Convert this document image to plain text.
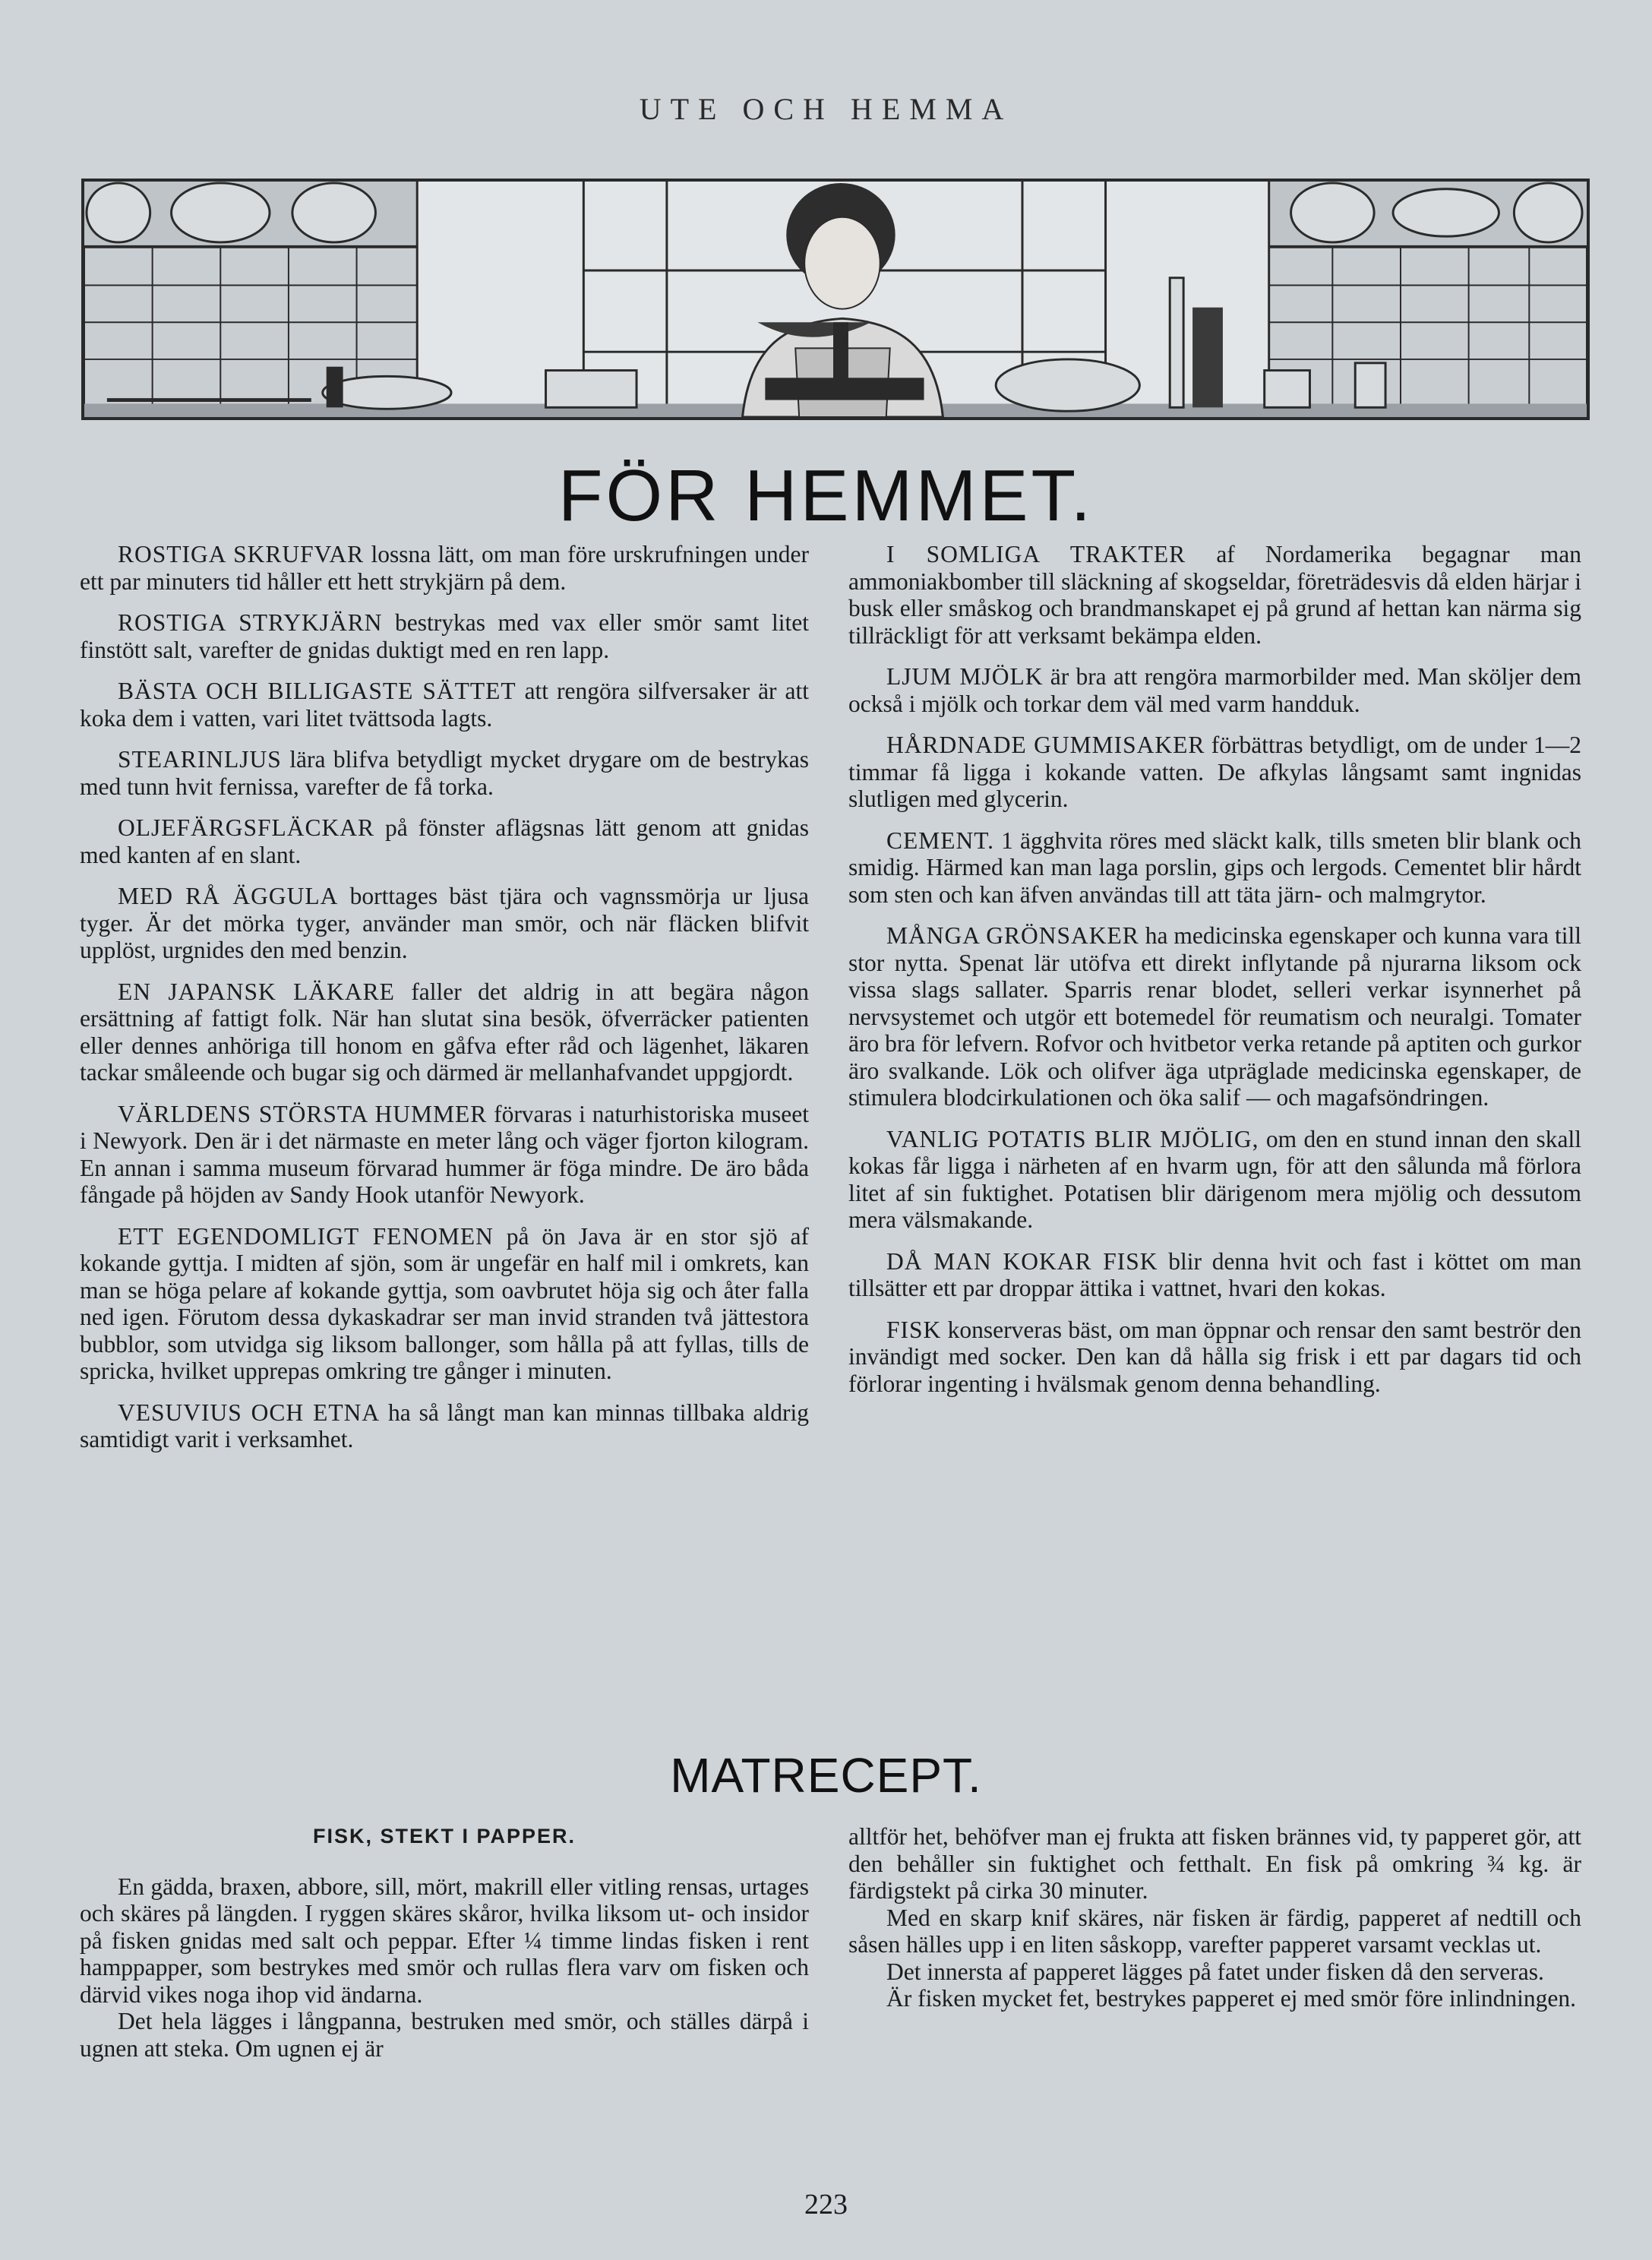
UTE OCH HEMMA
FÖR HEMMET.

ROSTIGA SKRUFVAR lossna lätt, om man före urskrufningen under ett par minuters tid håller ett hett strykjärn på dem.

ROSTIGA STRYKJÄRN bestrykas med vax eller smör samt litet finstött salt, varefter de gnidas duktigt med en ren lapp.

BÄSTA OCH BILLIGASTE SÄTTET att rengöra silfversaker är att koka dem i vatten, vari litet tvättsoda lagts.

STEARINLJUS lära blifva betydligt mycket drygare om de bestrykas med tunn hvit fernissa, varefter de få torka.

OLJEFÄRGSFLÄCKAR på fönster aflägsnas lätt genom att gnidas med kanten af en slant.

MED RÅ ÄGGULA borttages bäst tjära och vagnssmörja ur ljusa tyger. Är det mörka tyger, använder man smör, och när fläcken blifvit upplöst, urgnides den med benzin.

EN JAPANSK LÄKARE faller det aldrig in att begära någon ersättning af fattigt folk. När han slutat sina besök, öfverräcker patienten eller dennes anhöriga till honom en gåfva efter råd och lägenhet, läkaren tackar småleende och bugar sig och därmed är mellanhafvandet uppgjordt.

VÄRLDENS STÖRSTA HUMMER förvaras i naturhistoriska museet i Newyork. Den är i det närmaste en meter lång och väger fjorton kilogram. En annan i samma museum förvarad hummer är föga mindre. De äro båda fångade på höjden av Sandy Hook utanför Newyork.

ETT EGENDOMLIGT FENOMEN på ön Java är en stor sjö af kokande gyttja. I midten af sjön, som är ungefär en half mil i omkrets, kan man se höga pelare af kokande gyttja, som oavbrutet höja sig och åter falla ned igen. Förutom dessa dykaskadrar ser man invid stranden två jättestora bubblor, som utvidga sig liksom ballonger, som hålla på att fyllas, tills de spricka, hvilket upprepas omkring tre gånger i minuten.

VESUVIUS OCH ETNA ha så långt man kan minnas tillbaka aldrig samtidigt varit i verksamhet.

I SOMLIGA TRAKTER af Nordamerika begagnar man ammoniakbomber till släckning af skogseldar, företrädesvis då elden härjar i busk eller småskog och brandmanskapet ej på grund af hettan kan närma sig tillräckligt för att verksamt bekämpa elden.

LJUM MJÖLK är bra att rengöra marmorbilder med. Man sköljer dem också i mjölk och torkar dem väl med varm handduk.

HÅRDNADE GUMMISAKER förbättras betydligt, om de under 1—2 timmar få ligga i kokande vatten. De afkylas långsamt samt ingnidas slutligen med glycerin.

CEMENT. 1 ägghvita röres med släckt kalk, tills smeten blir blank och smidig. Härmed kan man laga porslin, gips och lergods. Cementet blir hårdt som sten och kan äfven användas till att täta järn- och malmgrytor.

MÅNGA GRÖNSAKER ha medicinska egenskaper och kunna vara till stor nytta. Spenat lär utöfva ett direkt inflytande på njurarna liksom ock vissa slags sallater. Sparris renar blodet, selleri verkar isynnerhet på nervsystemet och utgör ett botemedel för reumatism och neuralgi. Tomater äro bra för lefvern. Rofvor och hvitbetor verka retande på aptiten och gurkor äro svalkande. Lök och olifver äga utpräglade medicinska egenskaper, de stimulera blodcirkulationen och öka salif — och magafsöndringen.

VANLIG POTATIS BLIR MJÖLIG, om den en stund innan den skall kokas får ligga i närheten af en hvarm ugn, för att den sålunda må förlora litet af sin fuktighet. Potatisen blir därigenom mera mjölig och dessutom mera välsmakande.

DÅ MAN KOKAR FISK blir denna hvit och fast i köttet om man tillsätter ett par droppar ättika i vattnet, hvari den kokas.

FISK konserveras bäst, om man öppnar och rensar den samt beströr den invändigt med socker. Den kan då hålla sig frisk i ett par dagars tid och förlorar ingenting i hvälsmak genom denna behandling.

MATRECEPT.

FISK, STEKT I PAPPER.

En gädda, braxen, abbore, sill, mört, makrill eller vitling rensas, urtages och skäres på längden. I ryggen skäres skåror, hvilka liksom ut- och insidor på fisken gnidas med salt och peppar. Efter ¼ timme lindas fisken i rent hamppapper, som bestrykes med smör och rullas flera varv om fisken och därvid vikes noga ihop vid ändarna.

Det hela lägges i långpanna, bestruken med smör, och ställes därpå i ugnen att steka. Om ugnen ej är

alltför het, behöfver man ej frukta att fisken brännes vid, ty papperet gör, att den behåller sin fuktighet och fetthalt. En fisk på omkring ¾ kg. är färdigstekt på cirka 30 minuter.

Med en skarp knif skäres, när fisken är färdig, papperet af nedtill och såsen hälles upp i en liten såskopp, varefter papperet varsamt vecklas ut.

Det innersta af papperet lägges på fatet under fisken då den serveras.

Är fisken mycket fet, bestrykes papperet ej med smör före inlindningen.

223
